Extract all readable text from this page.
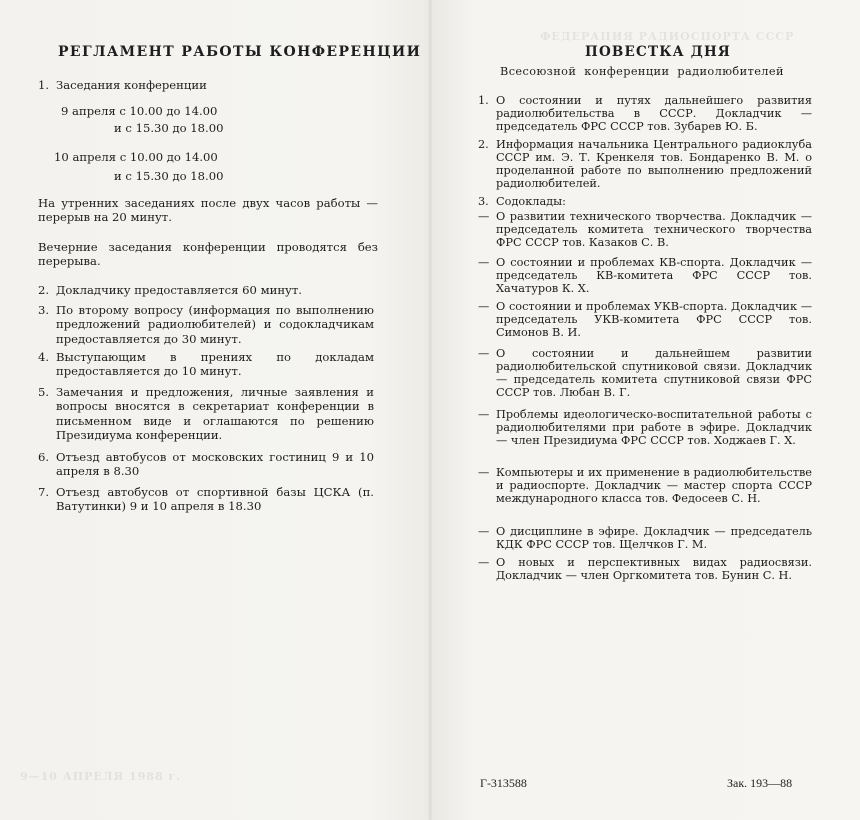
9—10 АПРЕЛЯ 1988 г.
ФЕДЕРАЦИЯ РАДИОСПОРТА СССР
РЕГЛАМЕНТ РАБОТЫ КОНФЕРЕНЦИИ
1. Заседания конференции
9 апреля с 10.00 до 14.00
и с 15.30 до 18.00
10 апреля с 10.00 до 14.00
и с 15.30 до 18.00

На утренних заседаниях после двух часов работы — перерыв на 20 минут.

Вечерние заседания конференции проводятся без перерыва.

2. Докладчику предоставляется 60 минут.
3. По второму вопросу (информация по выполнению предложений радиолюбителей) и содокладчикам предоставляется до 30 минут.
4. Выступающим в прениях по докладам предоставляется до 10 минут.
5. Замечания и предложения, личные заявления и вопросы вносятся в секретариат конференции в письменном виде и оглашаются по решению Президиума конференции.
6. Отъезд автобусов от московских гостиниц 9 и 10 апреля в 8.30
7. Отъезд автобусов от спортивной базы ЦСКА (п. Ватутинки) 9 и 10 апреля в 18.30
ПОВЕСТКА ДНЯ
Всесоюзной конференции радиолюбителей
1. О состоянии и путях дальнейшего развития радиолюбительства в СССР. Докладчик — председатель ФРС СССР тов. Зубарев Ю. Б.
2. Информация начальника Центрального радиоклуба СССР им. Э. Т. Кренкеля тов. Бондаренко В. М. о проделанной работе по выполнению предложений радиолюбителей.
3. Содоклады:
— О развитии технического творчества. Докладчик — председатель комитета технического творчества ФРС СССР тов. Казаков С. В.
— О состоянии и проблемах КВ-спорта. Докладчик — председатель КВ-комитета ФРС СССР тов. Хачатуров К. Х.
— О состоянии и проблемах УКВ-спорта. Докладчик — председатель УКВ-комитета ФРС СССР тов. Симонов В. И.
— О состоянии и дальнейшем развитии радиолюбительской спутниковой связи. Докладчик — председатель комитета спутниковой связи ФРС СССР тов. Любан В. Г.
— Проблемы идеологическо-воспитательной работы с радиолюбителями при работе в эфире. Докладчик — член Президиума ФРС СССР тов. Ходжаев Г. Х.
— Компьютеры и их применение в радиолюбительстве и радиоспорте. Докладчик — мастер спорта СССР международного класса тов. Федосеев С. Н.
— О дисциплине в эфире. Докладчик — председатель КДК ФРС СССР тов. Щелчков Г. М.
— О новых и перспективных видах радиосвязи. Докладчик — член Оргкомитета тов. Бунин С. Н.
Г-313588	Зак. 193—88
